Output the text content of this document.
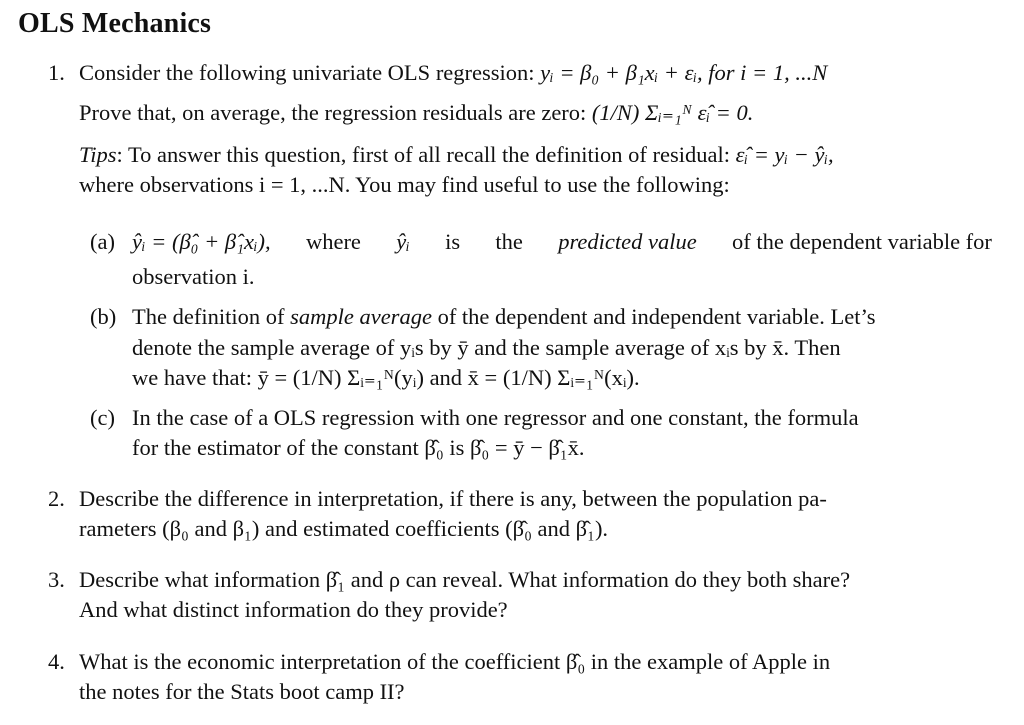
OLS Mechanics
1. Consider the following univariate OLS regression: yᵢ = β₀ + β₁xᵢ + εᵢ, for i = 1, ...N
Prove that, on average, the regression residuals are zero: (1/N) Σᵢ₌₁ᴺ ε̂ᵢ = 0.
Tips: To answer this question, first of all recall the definition of residual: ε̂ᵢ = yᵢ − ŷᵢ,
where observations i = 1, ...N. You may find useful to use the following:
(a) ŷᵢ = (β̂₀ + β̂₁xᵢ), where ŷᵢ is the predicted value of the dependent variable for
observation i.
(b) The definition of sample average of the dependent and independent variable. Let’s
denote the sample average of yᵢs by ȳ and the sample average of xᵢs by x̄. Then
we have that: ȳ = (1/N) Σᵢ₌₁ᴺ(yᵢ) and x̄ = (1/N) Σᵢ₌₁ᴺ(xᵢ).
(c) In the case of a OLS regression with one regressor and one constant, the formula
for the estimator of the constant β̂₀ is β̂₀ = ȳ − β̂₁x̄.
2. Describe the difference in interpretation, if there is any, between the population pa-
rameters (β₀ and β₁) and estimated coefficients (β̂₀ and β̂₁).
3. Describe what information β̂₁ and ρ can reveal. What information do they both share?
And what distinct information do they provide?
4. What is the economic interpretation of the coefficient β̂₀ in the example of Apple in
the notes for the Stats boot camp II?
